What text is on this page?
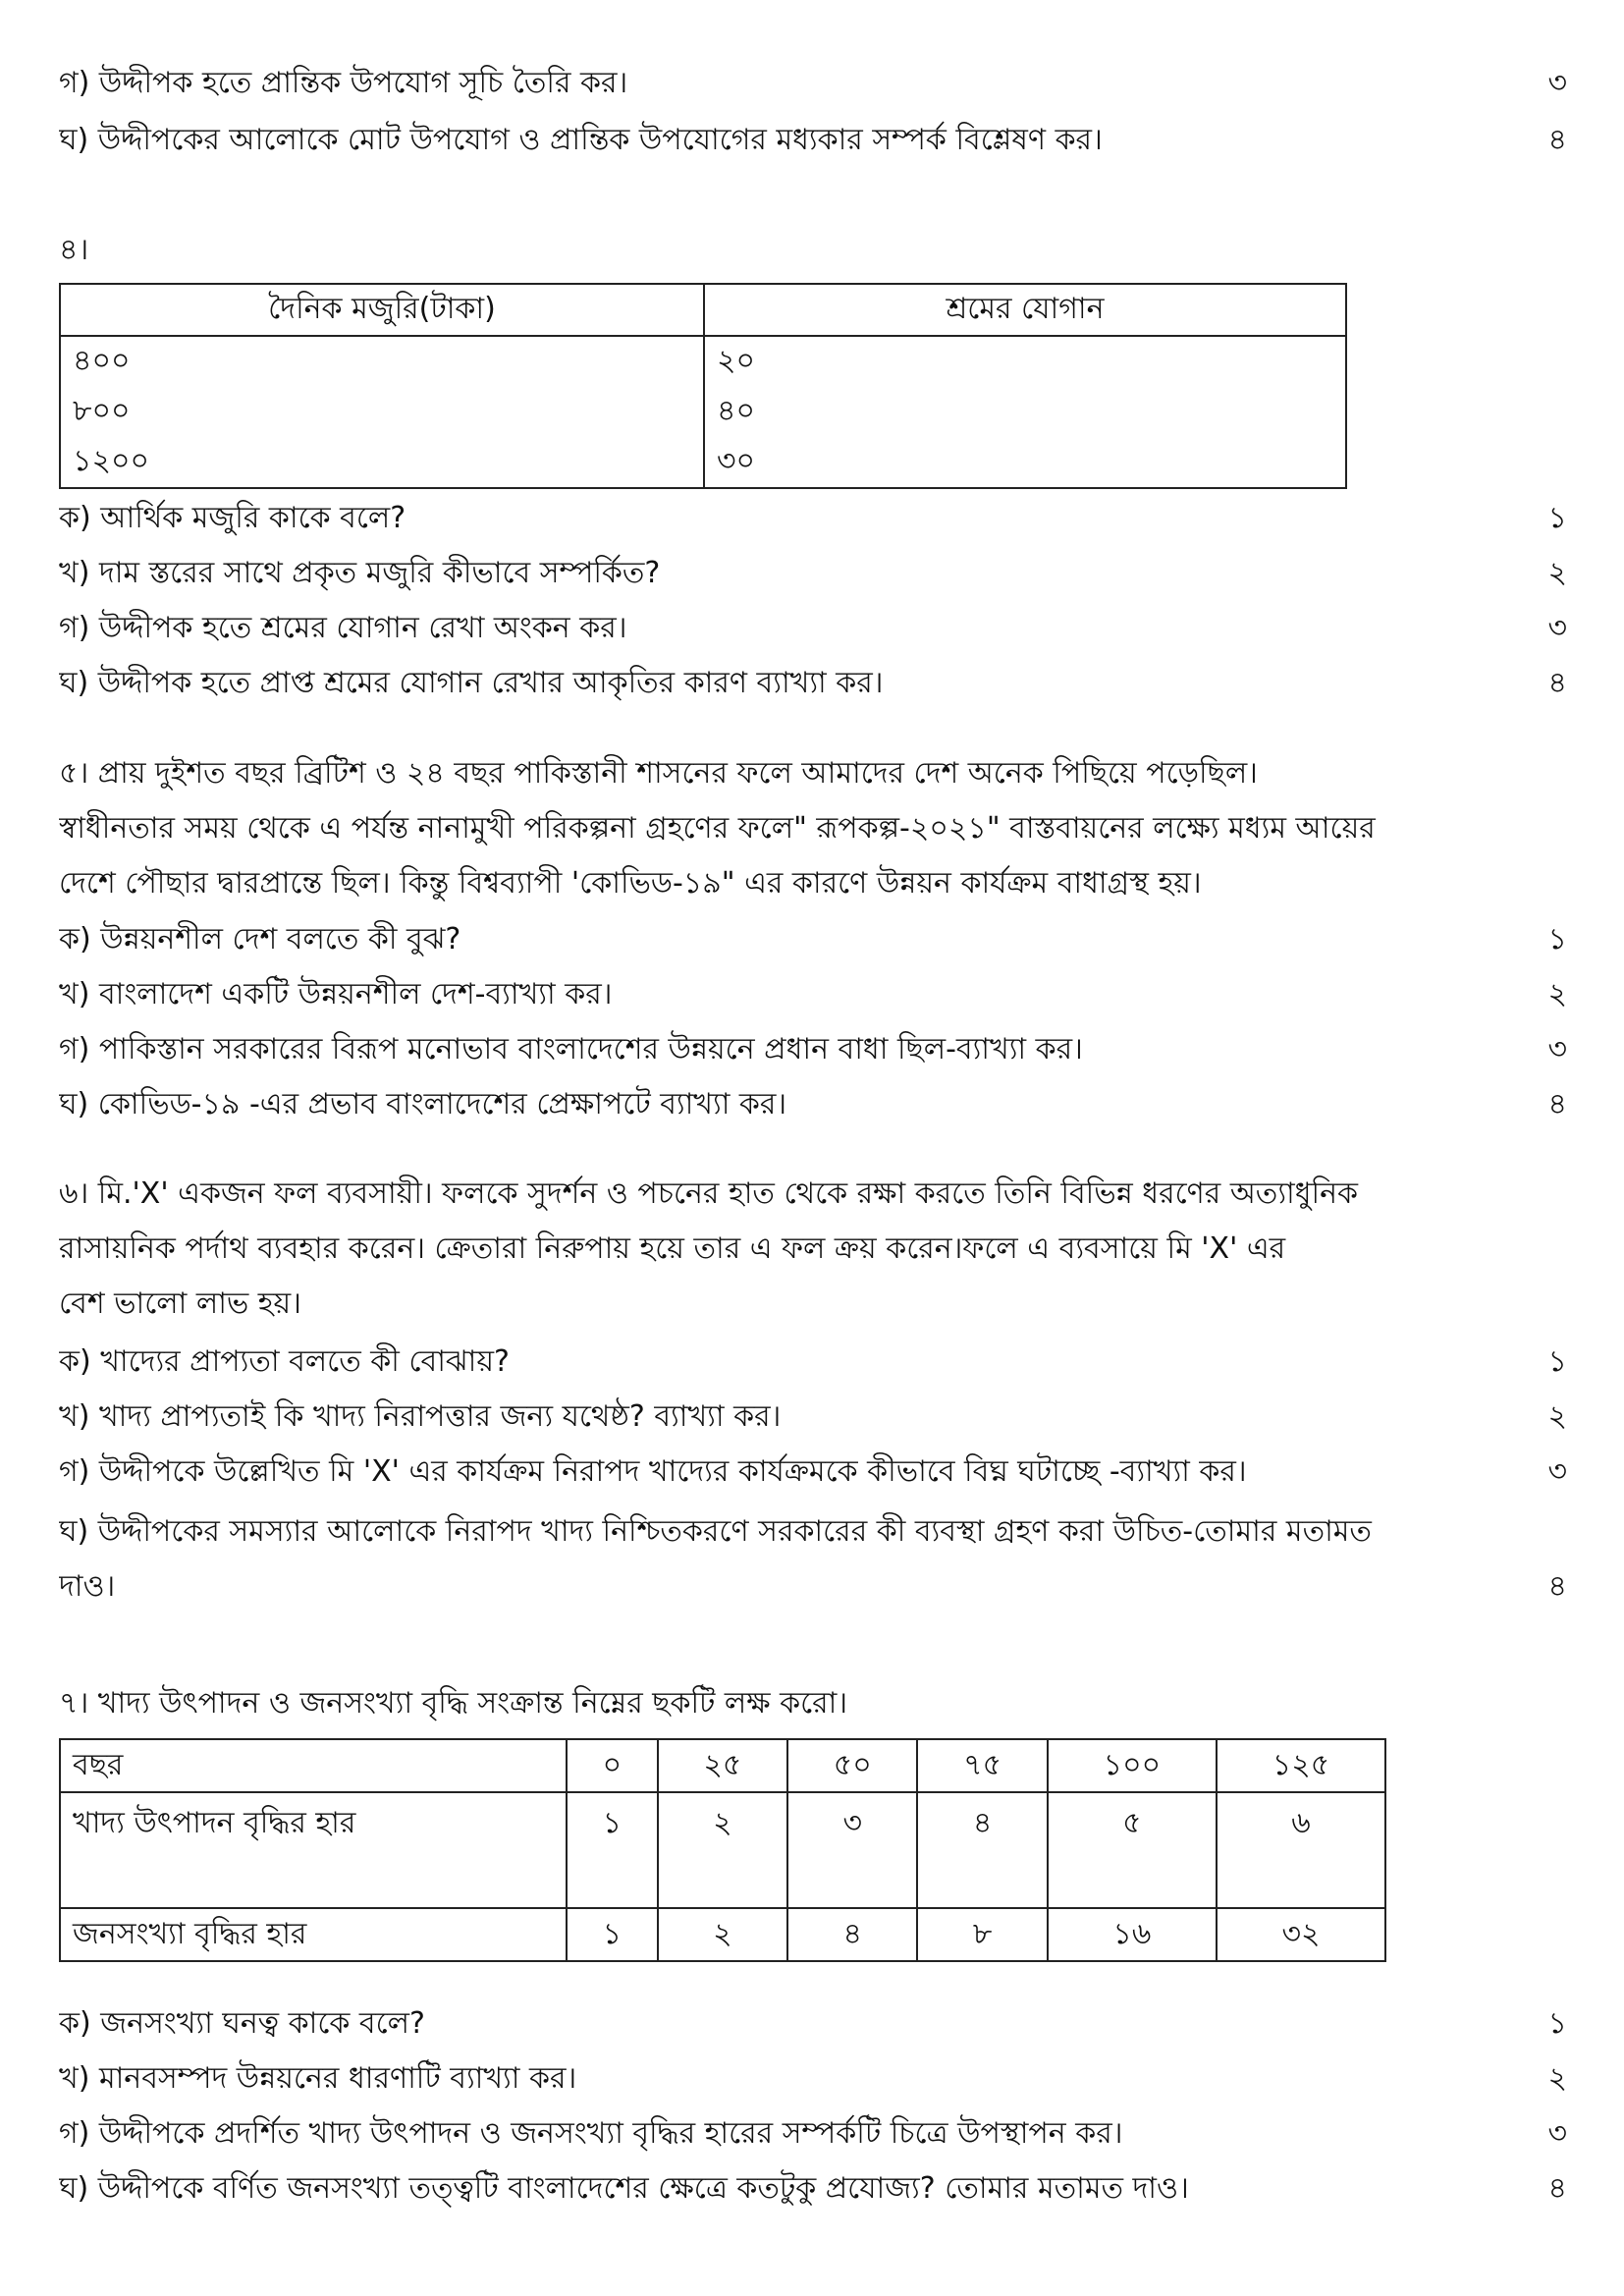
গ) উদ্দীপক হতে প্রান্তিক উপযোগ সূচি তৈরি কর।	৩
ঘ) উদ্দীপকের আলোকে মোট উপযোগ ও প্রান্তিক উপযোগের মধ্যকার সম্পর্ক বিশ্লেষণ কর।	৪
৪।
দৈনিক মজুরি(টাকা)	শ্রমের যোগান
৪০০	২০
৮০০	৪০
১২০০	৩০
ক) আর্থিক মজুরি কাকে বলে?	১
খ) দাম স্তরের সাথে প্রকৃত মজুরি কীভাবে সম্পর্কিত?	২
গ) উদ্দীপক হতে শ্রমের যোগান রেখা অংকন কর।	৩
ঘ) উদ্দীপক হতে প্রাপ্ত শ্রমের যোগান রেখার আকৃতির কারণ ব্যাখ্যা কর।	৪
৫। প্রায় দুইশত বছর ব্রিটিশ ও ২৪ বছর পাকিস্তানী শাসনের ফলে আমাদের দেশ অনেক পিছিয়ে পড়েছিল।
স্বাধীনতার সময় থেকে এ পর্যন্ত নানামুখী পরিকল্পনা গ্রহণের ফলে" রূপকল্প-২০২১" বাস্তবায়নের লক্ষ্যে মধ্যম আয়ের
দেশে পৌছার দ্বারপ্রান্তে ছিল। কিন্তু বিশ্বব্যাপী 'কোভিড-১৯" এর কারণে উন্নয়ন কার্যক্রম বাধাগ্রস্থ হয়।
ক) উন্নয়নশীল দেশ বলতে কী বুঝ?	১
খ) বাংলাদেশ একটি উন্নয়নশীল দেশ-ব্যাখ্যা কর।	২
গ) পাকিস্তান সরকারের বিরূপ মনোভাব বাংলাদেশের উন্নয়নে প্রধান বাধা ছিল-ব্যাখ্যা কর।	৩
ঘ) কোভিড-১৯ -এর প্রভাব বাংলাদেশের প্রেক্ষাপটে ব্যাখ্যা কর।	৪
৬। মি.'X' একজন ফল ব্যবসায়ী। ফলকে সুদর্শন ও পচনের হাত থেকে রক্ষা করতে তিনি বিভিন্ন ধরণের অত্যাধুনিক
রাসায়নিক পর্দাথ ব্যবহার করেন। ক্রেতারা নিরুপায় হয়ে তার এ ফল ক্রয় করেন।ফলে এ ব্যবসায়ে মি 'X' এর
বেশ ভালো লাভ হয়।
ক) খাদ্যের প্রাপ্যতা বলতে কী বোঝায়?	১
খ) খাদ্য প্রাপ্যতাই কি খাদ্য নিরাপত্তার জন্য যথেষ্ঠ? ব্যাখ্যা কর।	২
গ) উদ্দীপকে উল্লেখিত মি 'X' এর কার্যক্রম নিরাপদ খাদ্যের কার্যক্রমকে কীভাবে বিঘ্ন ঘটাচ্ছে -ব্যাখ্যা কর।	৩
ঘ) উদ্দীপকের সমস্যার আলোকে নিরাপদ খাদ্য নিশ্চিতকরণে সরকারের কী ব্যবস্থা গ্রহণ করা উচিত-তোমার মতামত
দাও।	৪
৭। খাদ্য উৎপাদন ও জনসংখ্যা বৃদ্ধি সংক্রান্ত নিম্নের ছকটি লক্ষ করো।
বছর	০	২৫	৫০	৭৫	১০০	১২৫
খাদ্য উৎপাদন বৃদ্ধির হার	১	২	৩	৪	৫	৬
জনসংখ্যা বৃদ্ধির হার	১	২	৪	৮	১৬	৩২
ক) জনসংখ্যা ঘনত্ব কাকে বলে?	১
খ) মানবসম্পদ উন্নয়নের ধারণাটি ব্যাখ্যা কর।	২
গ) উদ্দীপকে প্রদর্শিত খাদ্য উৎপাদন ও জনসংখ্যা বৃদ্ধির হারের সম্পর্কটি চিত্রে উপস্থাপন কর।	৩
ঘ) উদ্দীপকে বর্ণিত জনসংখ্যা তত্ত্বটি বাংলাদেশের ক্ষেত্রে কতটুকু প্রযোজ্য? তোমার মতামত দাও।	৪
